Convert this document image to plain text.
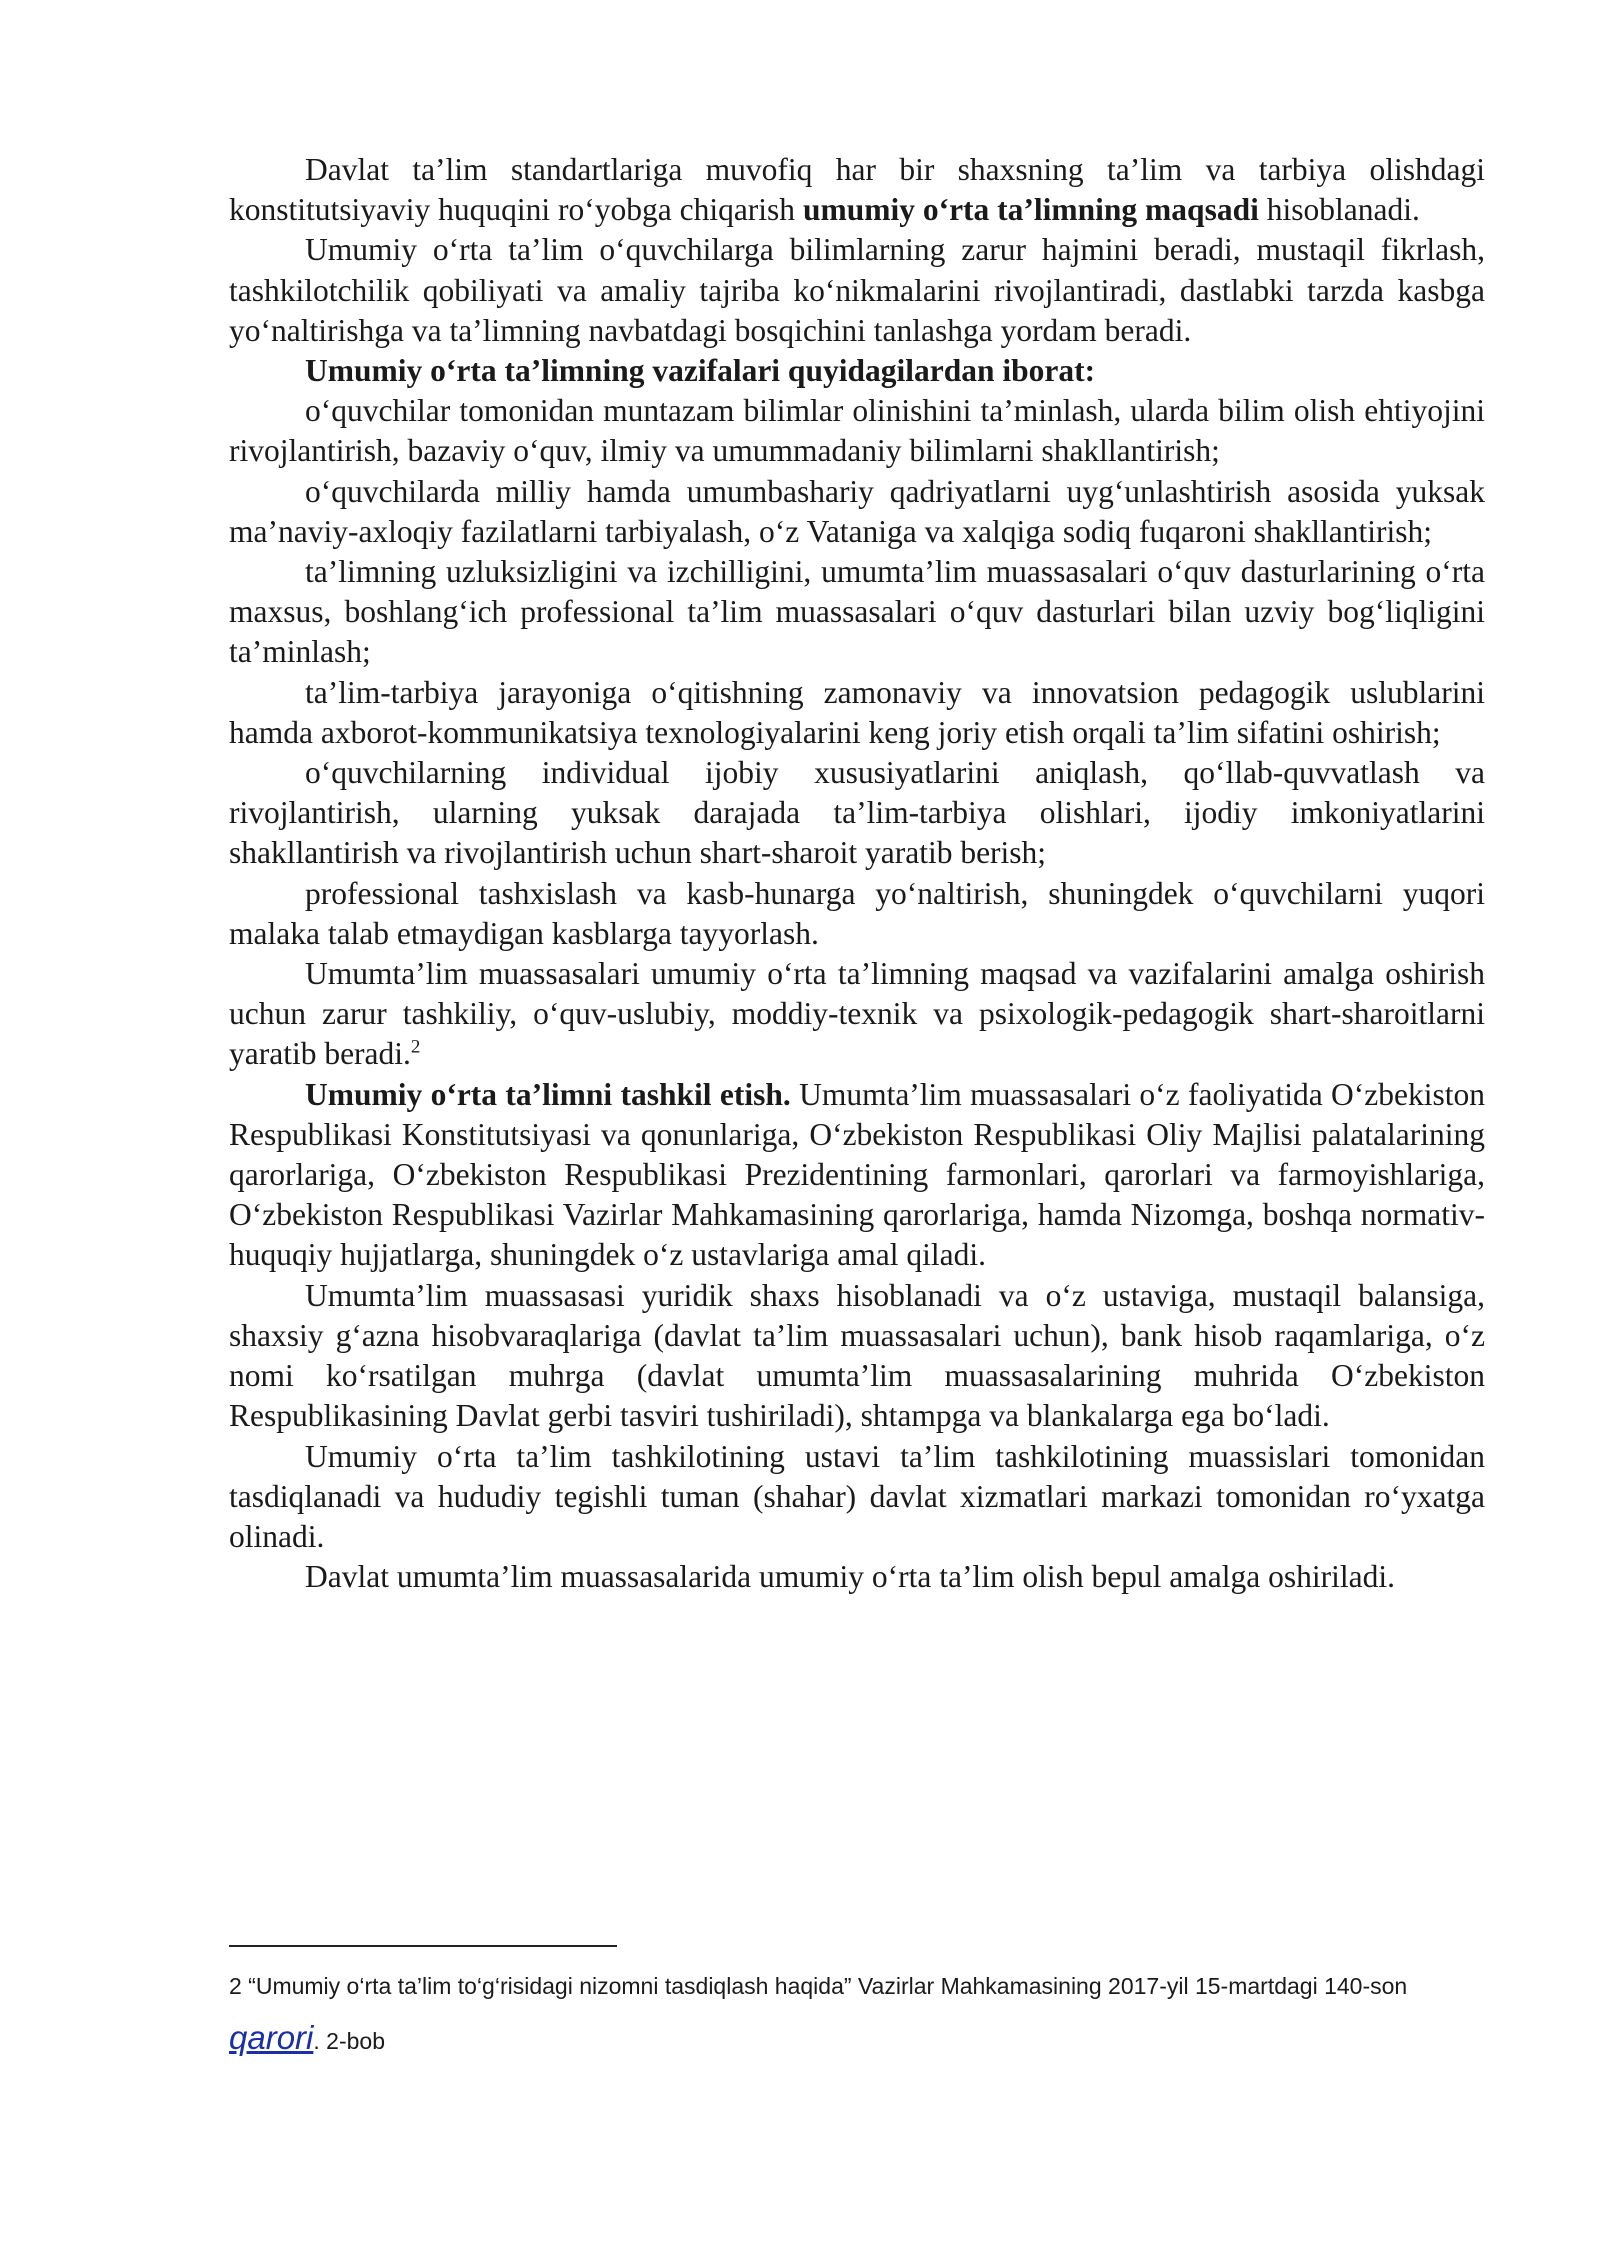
Davlat ta’lim standartlariga muvofiq har bir shaxsning ta’lim va tarbiya olishdagi konstitutsiyaviy huquqini ro‘yobga chiqarish umumiy o‘rta ta’limning maqsadi hisoblanadi.

Umumiy o‘rta ta’lim o‘quvchilarga bilimlarning zarur hajmini beradi, mustaqil fikrlash, tashkilotchilik qobiliyati va amaliy tajriba ko‘nikmalarini rivojlantiradi, dastlabki tarzda kasbga yo‘naltirishga va ta’limning navbatdagi bosqichini tanlashga yordam beradi.

Umumiy o‘rta ta’limning vazifalari quyidagilardan iborat:

o‘quvchilar tomonidan muntazam bilimlar olinishini ta’minlash, ularda bilim olish ehtiyojini rivojlantirish, bazaviy o‘quv, ilmiy va umummadaniy bilimlarni shakllantirish;

o‘quvchilarda milliy hamda umumbashariy qadriyatlarni uyg‘unlashtirish asosida yuksak ma’naviy-axloqiy fazilatlarni tarbiyalash, o‘z Vataniga va xalqiga sodiq fuqaroni shakllantirish;

ta’limning uzluksizligini va izchilligini, umumta’lim muassasalari o‘quv dasturlarining o‘rta maxsus, boshlang‘ich professional ta’lim muassasalari o‘quv dasturlari bilan uzviy bog‘liqligini ta’minlash;

ta’lim-tarbiya jarayoniga o‘qitishning zamonaviy va innovatsion pedagogik uslublarini hamda axborot-kommunikatsiya texnologiyalarini keng joriy etish orqali ta’lim sifatini oshirish;

o‘quvchilarning individual ijobiy xususiyatlarini aniqlash, qo‘llab-quvvatlash va rivojlantirish, ularning yuksak darajada ta’lim-tarbiya olishlari, ijodiy imkoniyatlarini shakllantirish va rivojlantirish uchun shart-sharoit yaratib berish;

professional tashxislash va kasb-hunarga yo‘naltirish, shuningdek o‘quvchilarni yuqori malaka talab etmaydigan kasblarga tayyorlash.

Umumta’lim muassasalari umumiy o‘rta ta’limning maqsad va vazifalarini amalga oshirish uchun zarur tashkiliy, o‘quv-uslubiy, moddiy-texnik va psixologik-pedagogik shart-sharoitlarni yaratib beradi.$^2$

Umumiy o‘rta ta’limni tashkil etish. Umumta’lim muassasalari o‘z faoliyatida O‘zbekiston Respublikasi Konstitutsiyasi va qonunlariga, O‘zbekiston Respublikasi Oliy Majlisi palatalarining qarorlariga, O‘zbekiston Respublikasi Prezidentining farmonlari, qarorlari va farmoyishlariga, O‘zbekiston Respublikasi Vazirlar Mahkamasining qarorlariga, hamda Nizomga, boshqa normativ-huquqiy hujjatlarga, shuningdek o‘z ustavlariga amal qiladi.

Umumta’lim muassasasi yuridik shaxs hisoblanadi va o‘z ustaviga, mustaqil balansiga, shaxsiy g‘azna hisobvaraqlariga (davlat ta’lim muassasalari uchun), bank hisob raqamlariga, o‘z nomi ko‘rsatilgan muhrga (davlat umumta’lim muassasalarining muhrida O‘zbekiston Respublikasining Davlat gerbi tasviri tushiriladi), shtampga va blankalarga ega bo‘ladi.

Umumiy o‘rta ta’lim tashkilotining ustavi ta’lim tashkilotining muassislari tomonidan tasdiqlanadi va hududiy tegishli tuman (shahar) davlat xizmatlari markazi tomonidan ro‘yxatga olinadi.

Davlat umumta’lim muassasalarida umumiy o‘rta ta’lim olish bepul amalga oshiriladi.

2 “Umumiy o‘rta ta’lim to‘g‘risidagi nizomni tasdiqlash haqida” Vazirlar Mahkamasining 2017-yil 15-martdagi 140-son qarori. 2-bob
